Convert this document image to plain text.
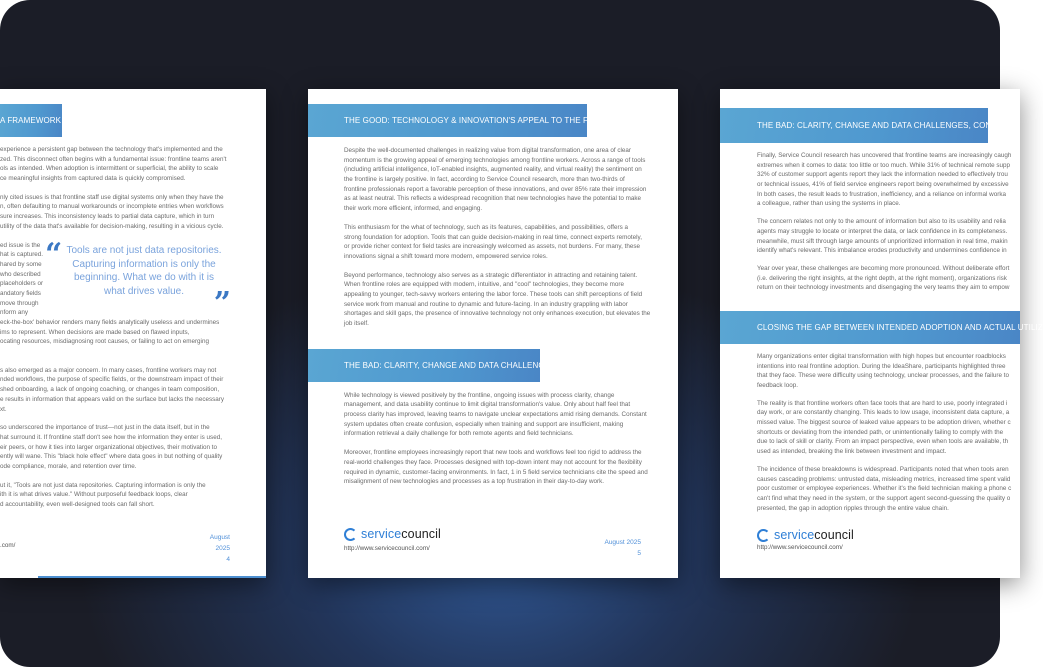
A FRAMEWORK
experience a persistent gap between the technology that's implemented and the
zed. This disconnect often begins with a fundamental issue: frontline teams aren't
ols as intended. When adoption is intermittent or superficial, the ability to scale
ce meaningful insights from captured data is quickly compromised.
nly cited issues is that frontline staff use digital systems only when they have the
n, often defaulting to manual workarounds or incomplete entries when workflows
sure increases. This inconsistency leads to partial data capture, which in turn
utility of the data that's available for decision-making, resulting in a vicious cycle.
ed issue is the
hat is captured.
hared by some
who described
placeholders or
andatory fields
move through
nform any
eck-the-box' behavior renders many fields analytically useless and undermines
ims to represent. When decisions are made based on flawed inputs,
ocating resources, misdiagnosing root causes, or failing to act on emerging
s also emerged as a major concern. In many cases, frontline workers may not
nded workflows, the purpose of specific fields, or the downstream impact of their
shed onboarding, a lack of ongoing coaching, or changes in team composition,
e results in information that appears valid on the surface but lacks the necessary
xt.
so underscored the importance of trust—not just in the data itself, but in the
hat surround it. If frontline staff don't see how the information they enter is used,
eir peers, or how it ties into larger organizational objectives, their motivation to
ently will wane. This "black hole effect" where data goes in but nothing of quality
ode compliance, morale, and retention over time.
ut it, "Tools are not just data repositories. Capturing information is only the
ith it is what drives value." Without purposeful feedback loops, clear
d accountability, even well-designed tools can fall short.
“ Tools are not just data repositories. Capturing information is only the beginning. What we do with it is what drives value. ”
.com/
August 2025
4
THE GOOD: TECHNOLOGY & INNOVATION'S APPEAL TO THE FRONTLINE
Despite the well-documented challenges in realizing value from digital transformation, one area of clear
momentum is the growing appeal of emerging technologies among frontline workers. Across a range of tools
(including artificial intelligence, IoT-enabled insights, augmented reality, and virtual reality) the sentiment on
the frontline is largely positive. In fact, according to Service Council research, more than two-thirds of
frontline professionals report a favorable perception of these innovations, and over 85% rate their impression
as at least neutral. This reflects a widespread recognition that new technologies have the potential to make
their work more efficient, informed, and engaging.
This enthusiasm for the what of technology, such as its features, capabilities, and possibilities, offers a
strong foundation for adoption. Tools that can guide decision-making in real time, connect experts remotely,
or provide richer context for field tasks are increasingly welcomed as assets, not burdens. For many, these
innovations signal a shift toward more modern, empowered service roles.
Beyond performance, technology also serves as a strategic differentiator in attracting and retaining talent.
When frontline roles are equipped with modern, intuitive, and "cool" technologies, they become more
appealing to younger, tech-savvy workers entering the labor force. These tools can shift perceptions of field
service work from manual and routine to dynamic and future-facing. In an industry grappling with labor
shortages and skill gaps, the presence of innovative technology not only enhances execution, but elevates the
job itself.
THE BAD: CLARITY, CHANGE AND DATA CHALLENGES
While technology is viewed positively by the frontline, ongoing issues with process clarity, change
management, and data usability continue to limit digital transformation's value. Only about half feel that
process clarity has improved, leaving teams to navigate unclear expectations amid rising demands. Constant
system updates often create confusion, especially when training and support are insufficient, making
information retrieval a daily challenge for both remote agents and field technicians.
Moreover, frontline employees increasingly report that new tools and workflows feel too rigid to address the
real-world challenges they face. Processes designed with top-down intent may not account for the flexibility
required in dynamic, customer-facing environments. In fact, 1 in 5 field service technicians cite the speed and
misalignment of new technologies and processes as a top frustration in their day-to-day work.
service council
http://www.servicecouncil.com/
August 2025
5
THE BAD: CLARITY, CHANGE AND DATA CHALLENGES, CONT...
Finally, Service Council research has uncovered that frontline teams are increasingly caugh
extremes when it comes to data: too little or too much. While 31% of technical remote supp
32% of customer support agents report they lack the information needed to effectively trou
or technical issues, 41% of field service engineers report being overwhelmed by excessive
In both cases, the result leads to frustration, inefficiency, and a reliance on informal worka
a colleague, rather than using the systems in place.
The concern relates not only to the amount of information but also to its usability and relia
agents may struggle to locate or interpret the data, or lack confidence in its completeness.
meanwhile, must sift through large amounts of unprioritized information in real time, makin
identify what's relevant. This imbalance erodes productivity and undermines confidence in
Year over year, these challenges are becoming more pronounced. Without deliberate effort
(i.e. delivering the right insights, at the right depth, at the right moment), organizations risk
return on their technology investments and disengaging the very teams they aim to empow
CLOSING THE GAP BETWEEN INTENDED ADOPTION AND ACTUAL UTILIZ
Many organizations enter digital transformation with high hopes but encounter roadblocks
intentions into real frontline adoption. During the IdeaShare, participants highlighted three
that they face. These were difficulty using technology, unclear processes, and the failure to
feedback loop.
The reality is that frontline workers often face tools that are hard to use, poorly integrated i
day work, or are constantly changing. This leads to low usage, inconsistent data capture, a
missed value. The biggest source of leaked value appears to be adoption driven, whether c
shortcuts or deviating from the intended path, or unintentionally failing to comply with the
due to lack of skill or clarity. From an impact perspective, even when tools are available, th
used as intended, breaking the link between investment and impact.
The incidence of these breakdowns is widespread. Participants noted that when tools aren
causes cascading problems: untrusted data, misleading metrics, increased time spent valid
poor customer or employee experiences. Whether it's the field technician making a phone c
can't find what they need in the system, or the support agent second-guessing the quality o
presented, the gap in adoption ripples through the entire value chain.
service council
http://www.servicecouncil.com/
